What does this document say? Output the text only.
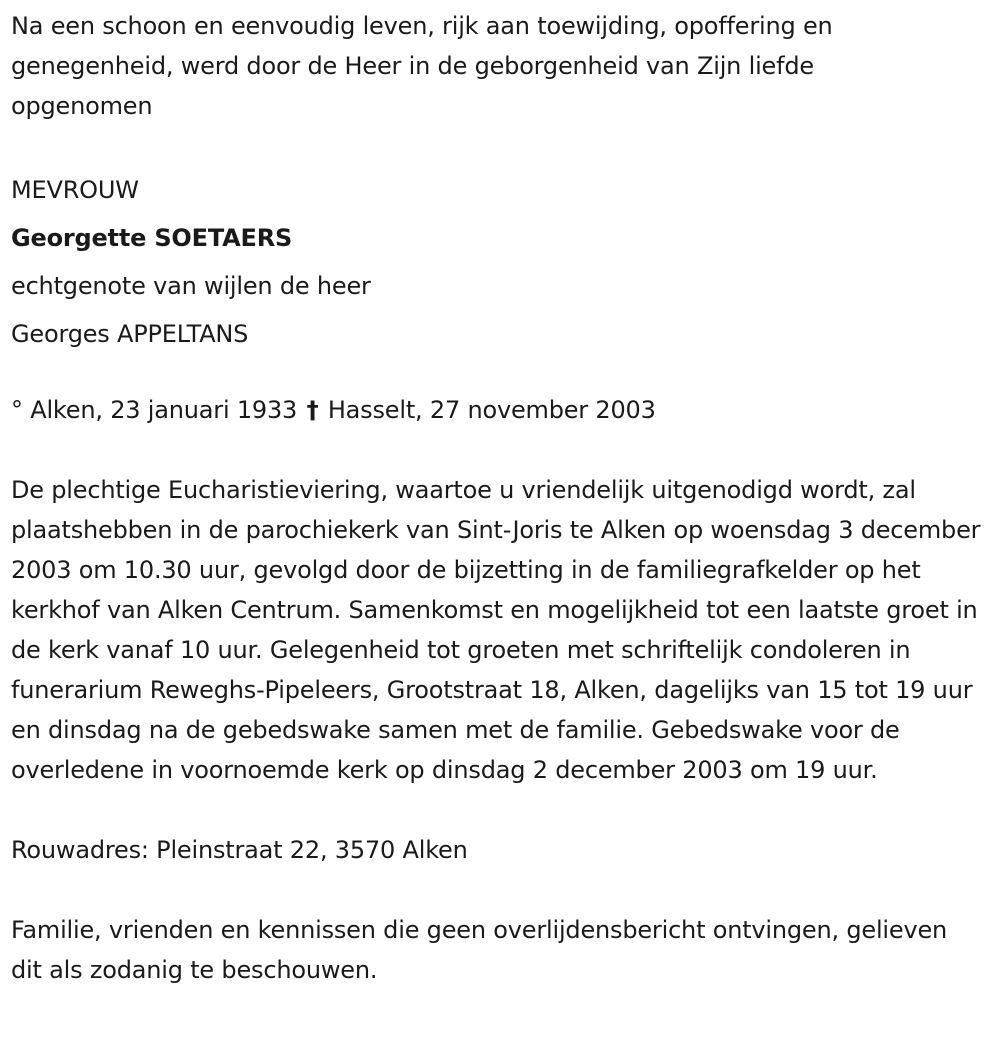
Na een schoon en eenvoudig leven, rijk aan toewijding, opoffering en genegenheid, werd door de Heer in de geborgenheid van Zijn liefde opgenomen

MEVROUW
Georgette SOETAERS
echtgenote van wijlen de heer
Georges APPELTANS
° Alken, 23 januari 1933 † Hasselt, 27 november 2003

De plechtige Eucharistieviering, waartoe u vriendelijk uitgenodigd wordt, zal plaatshebben in de parochiekerk van Sint-Joris te Alken op woensdag 3 december 2003 om 10.30 uur, gevolgd door de bijzetting in de familiegrafkelder op het kerkhof van Alken Centrum. Samenkomst en mogelijkheid tot een laatste groet in de kerk vanaf 10 uur. Gelegenheid tot groeten met schriftelijk condoleren in funerarium Reweghs-Pipeleers, Grootstraat 18, Alken, dagelijks van 15 tot 19 uur en dinsdag na de gebedswake samen met de familie. Gebedswake voor de overledene in voornoemde kerk op dinsdag 2 december 2003 om 19 uur.

Rouwadres: Pleinstraat 22, 3570 Alken

Familie, vrienden en kennissen die geen overlijdensbericht ontvingen, gelieven dit als zodanig te beschouwen.
